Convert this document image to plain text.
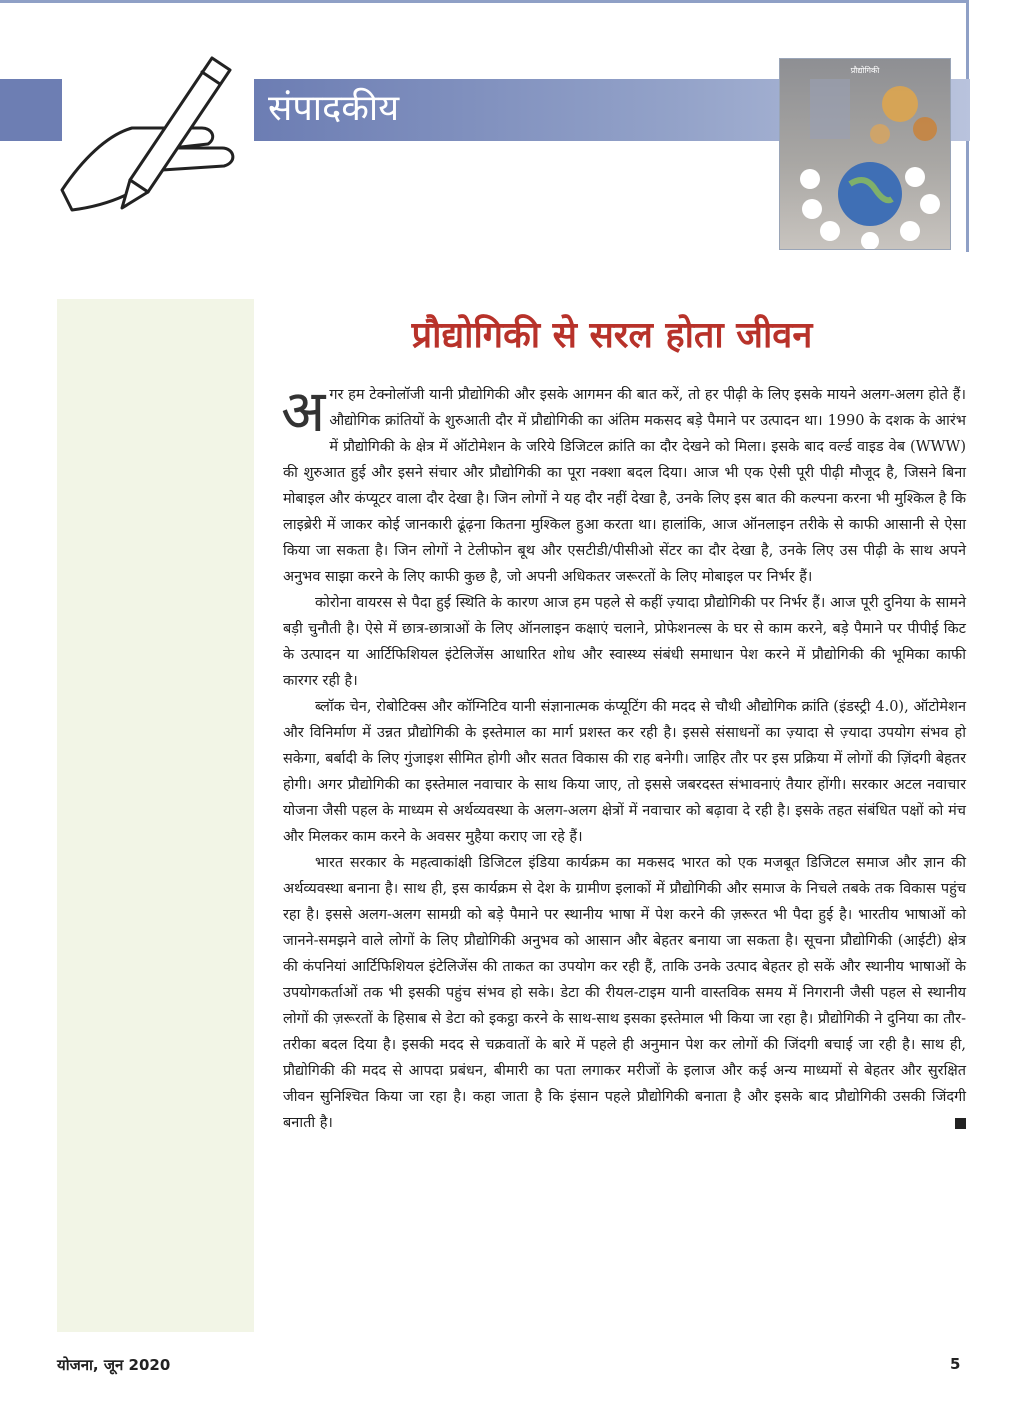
संपादकीय
प्रौद्योगिकी
प्रौद्योगिकी से सरल होता जीवन

अगर हम टेक्नोलॉजी यानी प्रौद्योगिकी और इसके आगमन की बात करें, तो हर पीढ़ी के लिए इसके मायने अलग-अलग होते हैं। औद्योगिक क्रांतियों के शुरुआती दौर में प्रौद्योगिकी का अंतिम मकसद बड़े पैमाने पर उत्पादन था। 1990 के दशक के आरंभ में प्रौद्योगिकी के क्षेत्र में ऑटोमेशन के जरिये डिजिटल क्रांति का दौर देखने को मिला। इसके बाद वर्ल्ड वाइड वेब (WWW) की शुरुआत हुई और इसने संचार और प्रौद्योगिकी का पूरा नक्शा बदल दिया। आज भी एक ऐसी पूरी पीढ़ी मौजूद है, जिसने बिना मोबाइल और कंप्यूटर वाला दौर देखा है। जिन लोगों ने यह दौर नहीं देखा है, उनके लिए इस बात की कल्पना करना भी मुश्किल है कि लाइब्रेरी में जाकर कोई जानकारी ढूंढ़ना कितना मुश्किल हुआ करता था। हालांकि, आज ऑनलाइन तरीके से काफी आसानी से ऐसा किया जा सकता है। जिन लोगों ने टेलीफोन बूथ और एसटीडी/पीसीओ सेंटर का दौर देखा है, उनके लिए उस पीढ़ी के साथ अपने अनुभव साझा करने के लिए काफी कुछ है, जो अपनी अधिकतर जरूरतों के लिए मोबाइल पर निर्भर हैं।

कोरोना वायरस से पैदा हुई स्थिति के कारण आज हम पहले से कहीं ज़्यादा प्रौद्योगिकी पर निर्भर हैं। आज पूरी दुनिया के सामने बड़ी चुनौती है। ऐसे में छात्र-छात्राओं के लिए ऑनलाइन कक्षाएं चलाने, प्रोफेशनल्स के घर से काम करने, बड़े पैमाने पर पीपीई किट के उत्पादन या आर्टिफिशियल इंटेलिजेंस आधारित शोध और स्वास्थ्य संबंधी समाधान पेश करने में प्रौद्योगिकी की भूमिका काफी कारगर रही है।

ब्लॉक चेन, रोबोटिक्स और कॉग्निटिव यानी संज्ञानात्मक कंप्यूटिंग की मदद से चौथी औद्योगिक क्रांति (इंडस्ट्री 4.0), ऑटोमेशन और विनिर्माण में उन्नत प्रौद्योगिकी के इस्तेमाल का मार्ग प्रशस्त कर रही है। इससे संसाधनों का ज़्यादा से ज़्यादा उपयोग संभव हो सकेगा, बर्बादी के लिए गुंजाइश सीमित होगी और सतत विकास की राह बनेगी। जाहिर तौर पर इस प्रक्रिया में लोगों की ज़िंदगी बेहतर होगी। अगर प्रौद्योगिकी का इस्तेमाल नवाचार के साथ किया जाए, तो इससे जबरदस्त संभावनाएं तैयार होंगी। सरकार अटल नवाचार योजना जैसी पहल के माध्यम से अर्थव्यवस्था के अलग-अलग क्षेत्रों में नवाचार को बढ़ावा दे रही है। इसके तहत संबंधित पक्षों को मंच और मिलकर काम करने के अवसर मुहैया कराए जा रहे हैं।

भारत सरकार के महत्वाकांक्षी डिजिटल इंडिया कार्यक्रम का मकसद भारत को एक मजबूत डिजिटल समाज और ज्ञान की अर्थव्यवस्था बनाना है। साथ ही, इस कार्यक्रम से देश के ग्रामीण इलाकों में प्रौद्योगिकी और समाज के निचले तबके तक विकास पहुंच रहा है। इससे अलग-अलग सामग्री को बड़े पैमाने पर स्थानीय भाषा में पेश करने की ज़रूरत भी पैदा हुई है। भारतीय भाषाओं को जानने-समझने वाले लोगों के लिए प्रौद्योगिकी अनुभव को आसान और बेहतर बनाया जा सकता है। सूचना प्रौद्योगिकी (आईटी) क्षेत्र की कंपनियां आर्टिफिशियल इंटेलिजेंस की ताकत का उपयोग कर रही हैं, ताकि उनके उत्पाद बेहतर हो सकें और स्थानीय भाषाओं के उपयोगकर्ताओं तक भी इसकी पहुंच संभव हो सके। डेटा की रीयल-टाइम यानी वास्तविक समय में निगरानी जैसी पहल से स्थानीय लोगों की ज़रूरतों के हिसाब से डेटा को इकट्ठा करने के साथ-साथ इसका इस्तेमाल भी किया जा रहा है। प्रौद्योगिकी ने दुनिया का तौर-तरीका बदल दिया है। इसकी मदद से चक्रवातों के बारे में पहले ही अनुमान पेश कर लोगों की जिंदगी बचाई जा रही है। साथ ही, प्रौद्योगिकी की मदद से आपदा प्रबंधन, बीमारी का पता लगाकर मरीजों के इलाज और कई अन्य माध्यमों से बेहतर और सुरक्षित जीवन सुनिश्चित किया जा रहा है। कहा जाता है कि इंसान पहले प्रौद्योगिकी बनाता है और इसके बाद प्रौद्योगिकी उसकी जिंदगी बनाती है।

योजना, जून 2020	5
